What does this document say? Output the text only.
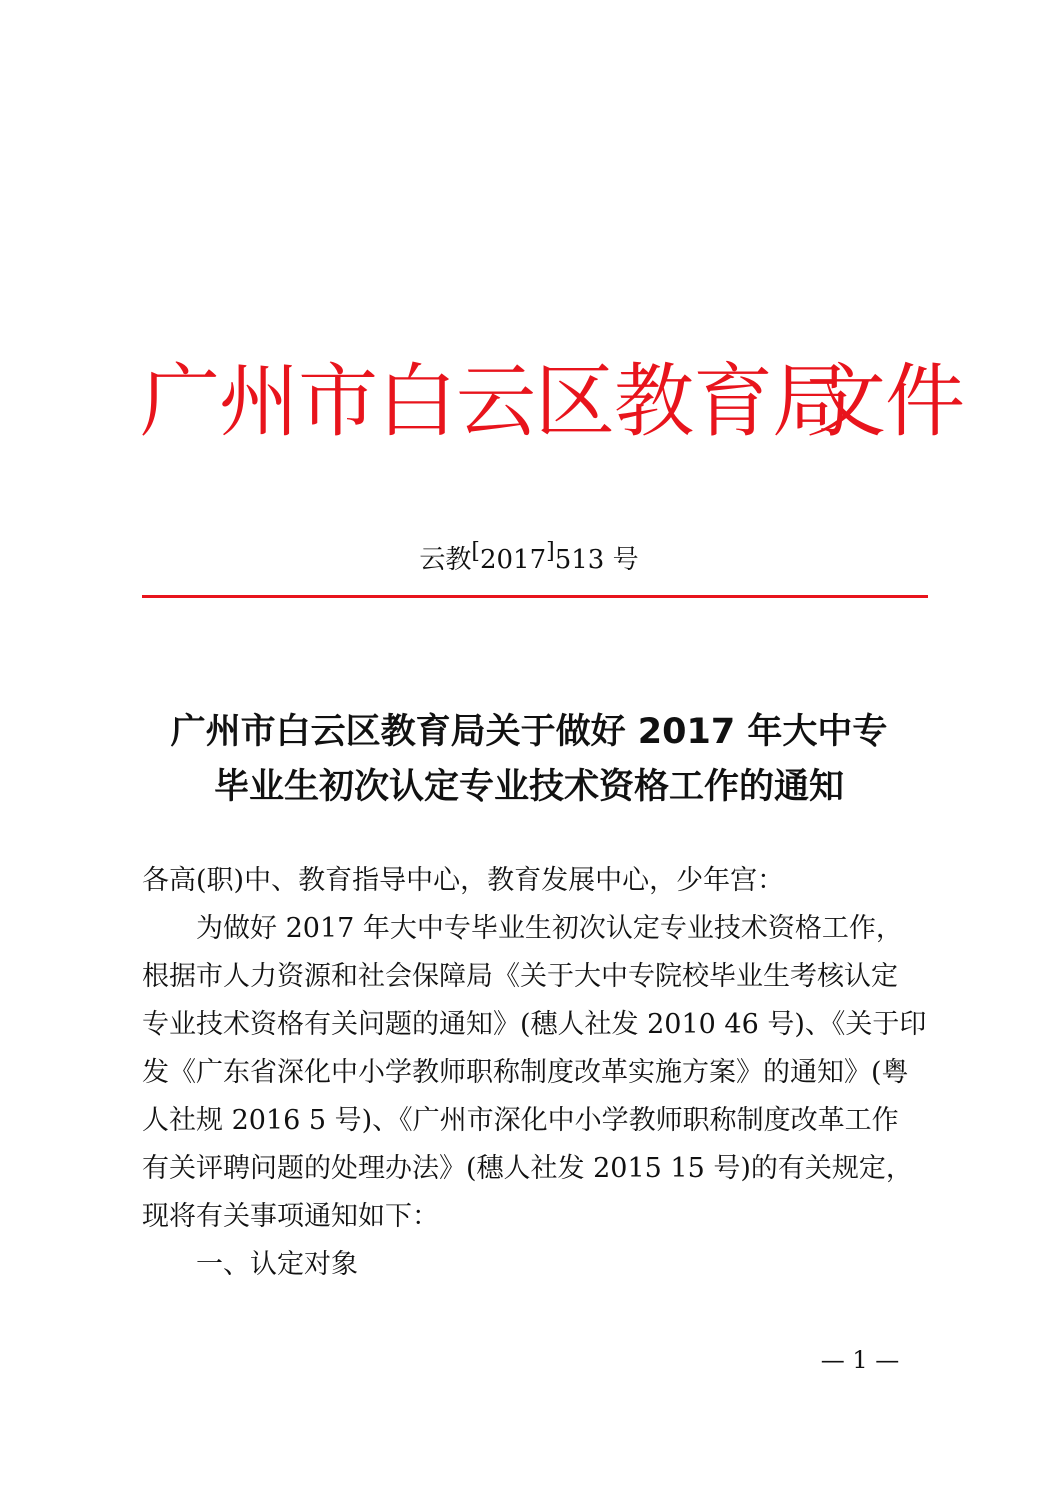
广州市白云区教育局
文件
云教[2017]513 号
广州市白云区教育局关于做好 2017 年大中专
毕业生初次认定专业技术资格工作的通知
各高(职)中、教育指导中心，教育发展中心，少年宫：
为做好 2017 年大中专毕业生初次认定专业技术资格工作，
根据市人力资源和社会保障局《关于大中专院校毕业生考核认定
专业技术资格有关问题的通知》(穗人社发 2010 46 号)、《关于印
发《广东省深化中小学教师职称制度改革实施方案》的通知》(粤
人社规 2016 5 号)、《广州市深化中小学教师职称制度改革工作
有关评聘问题的处理办法》(穗人社发 2015 15 号)的有关规定，
现将有关事项通知如下：
一、认定对象
— 1 —
